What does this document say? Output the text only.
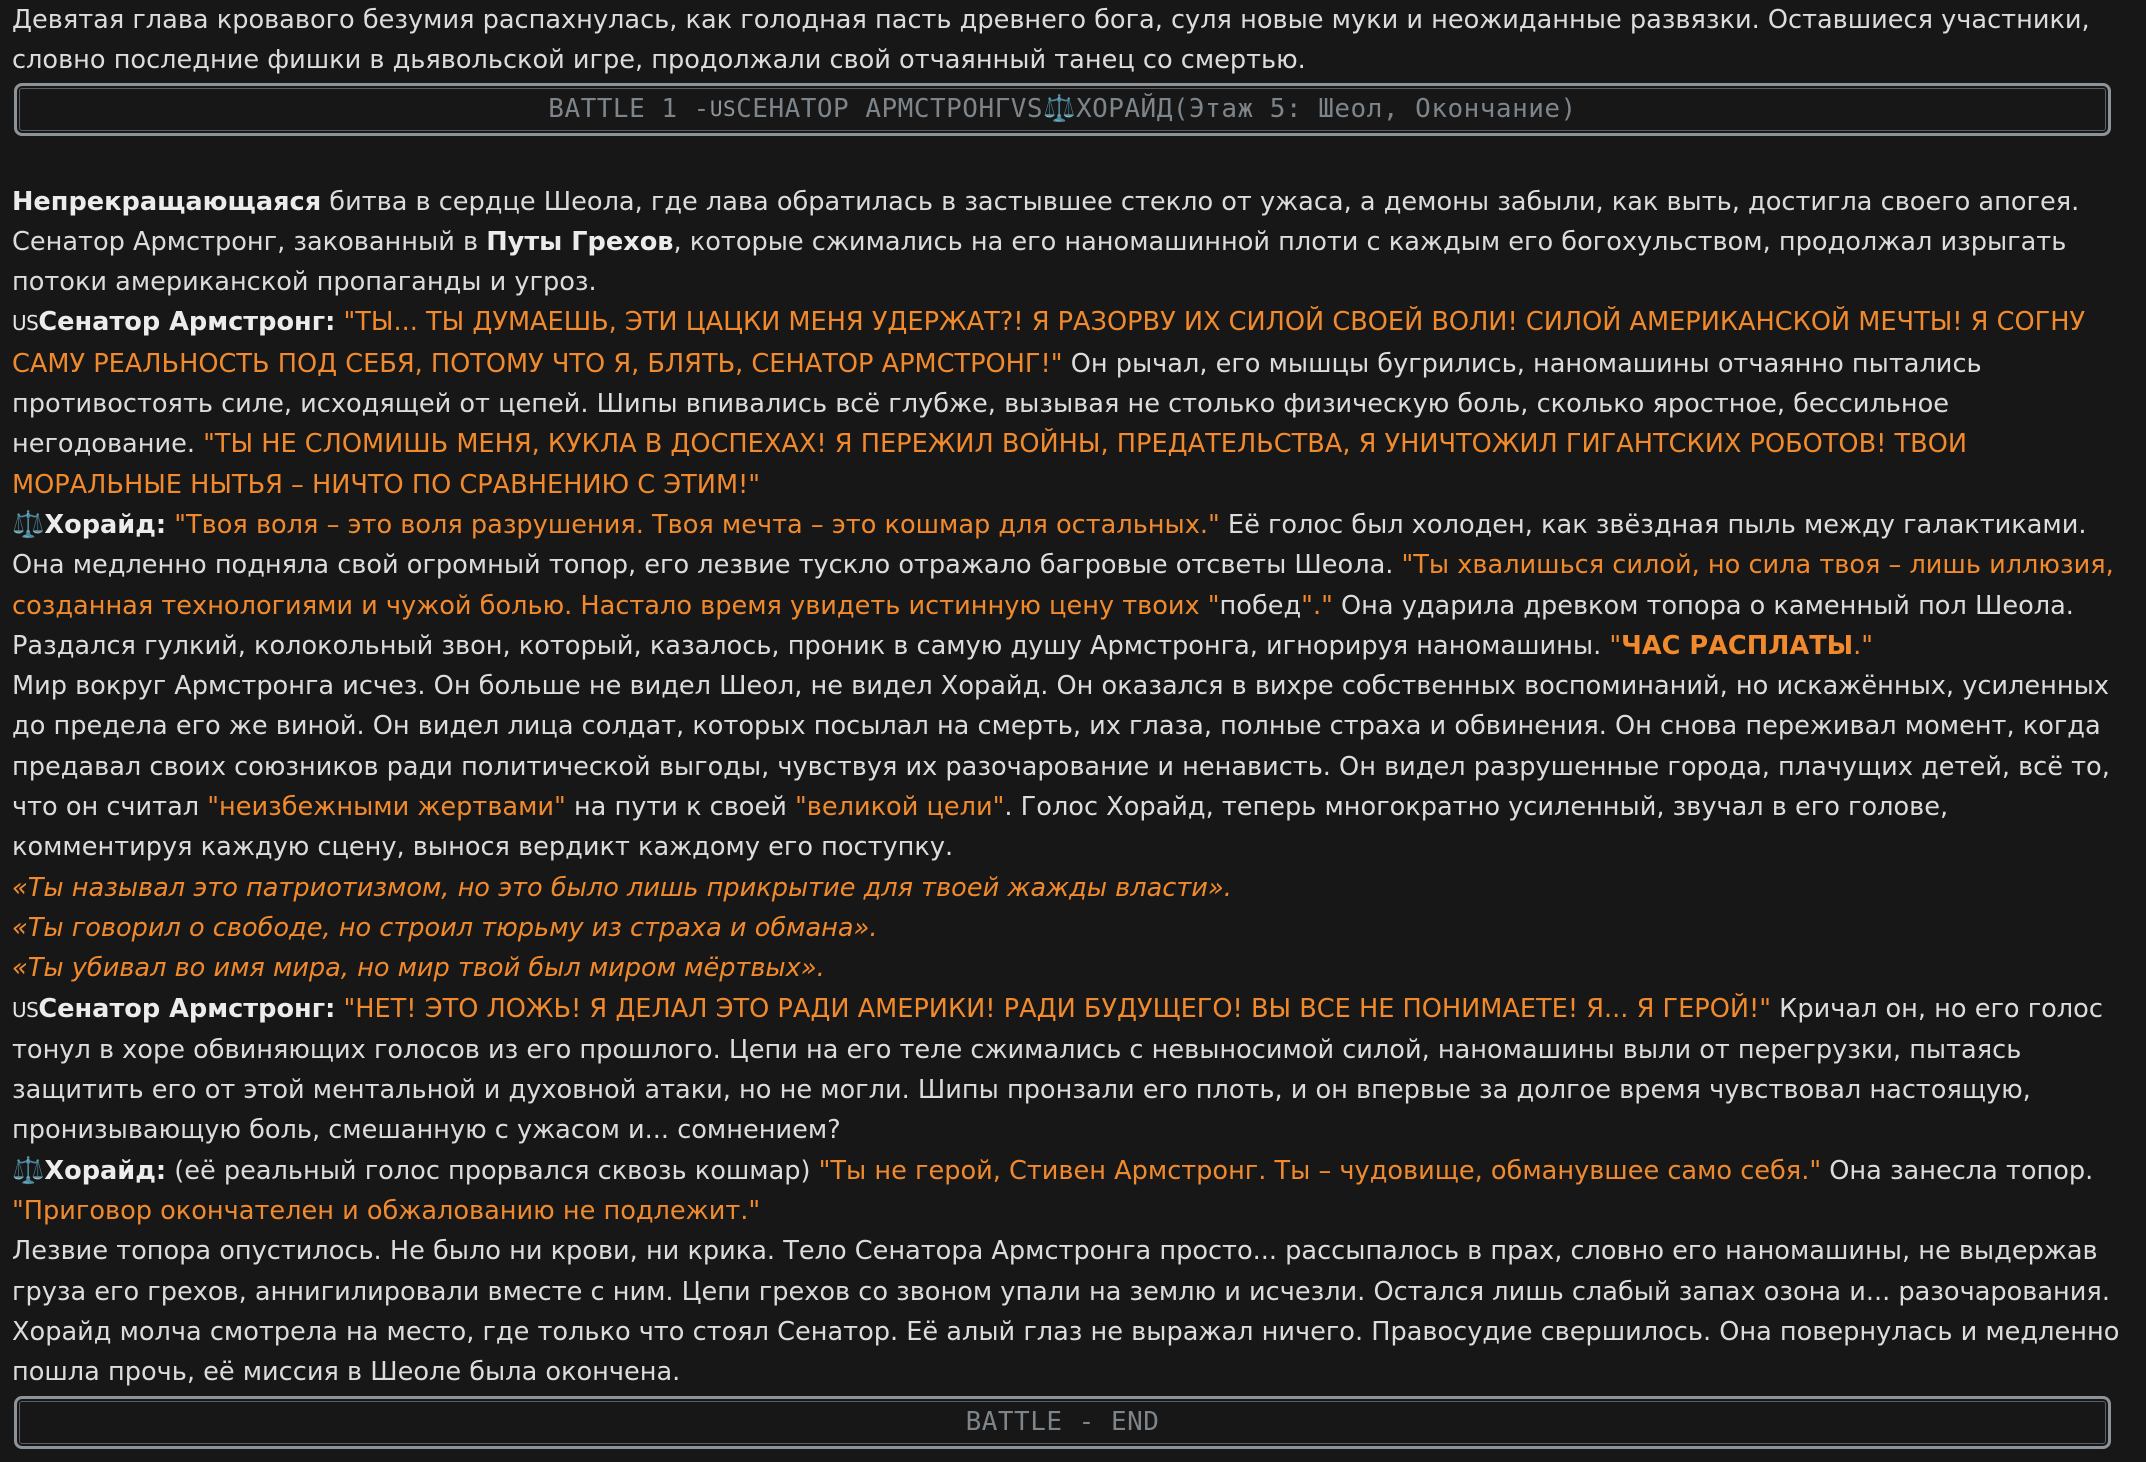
Девятая глава кровавого безумия распахнулась, как голодная пасть древнего бога, суля новые муки и неожиданные развязки. Оставшиеся участники, словно последние фишки в дьявольской игре, продолжали свой отчаянный танец со смертью.

BATTLE 1 - US СЕНАТОР АРМСТРОНГ VS ⚖️ ХОРАЙД (Этаж 5: Шеол, Окончание)

Непрекращающаяся битва в сердце Шеола, где лава обратилась в застывшее стекло от ужаса, а демоны забыли, как выть, достигла своего апогея. Сенатор Армстронг, закованный в Путы Грехов, которые сжимались на его наномашинной плоти с каждым его богохульством, продолжал изрыгать потоки американской пропаганды и угроз.

USСенатор Армстронг: "ТЫ... ТЫ ДУМАЕШЬ, ЭТИ ЦАЦКИ МЕНЯ УДЕРЖАТ?! Я РАЗОРВУ ИХ СИЛОЙ СВОЕЙ ВОЛИ! СИЛОЙ АМЕРИКАНСКОЙ МЕЧТЫ! Я СОГНУ САМУ РЕАЛЬНОСТЬ ПОД СЕБЯ, ПОТОМУ ЧТО Я, БЛЯТЬ, СЕНАТОР АРМСТРОНГ!" Он рычал, его мышцы бугрились, наномашины отчаянно пытались противостоять силе, исходящей от цепей. Шипы впивались всё глубже, вызывая не столько физическую боль, сколько яростное, бессильное негодование. "ТЫ НЕ СЛОМИШЬ МЕНЯ, КУКЛА В ДОСПЕХАХ! Я ПЕРЕЖИЛ ВОЙНЫ, ПРЕДАТЕЛЬСТВА, Я УНИЧТОЖИЛ ГИГАНТСКИХ РОБОТОВ! ТВОИ МОРАЛЬНЫЕ НЫТЬЯ – НИЧТО ПО СРАВНЕНИЮ С ЭТИМ!"

⚖️Хорайд: "Твоя воля – это воля разрушения. Твоя мечта – это кошмар для остальных." Её голос был холоден, как звёздная пыль между галактиками. Она медленно подняла свой огромный топор, его лезвие тускло отражало багровые отсветы Шеола. "Ты хвалишься силой, но сила твоя – лишь иллюзия, созданная технологиями и чужой болью. Настало время увидеть истинную цену твоих "побед"." Она ударила древком топора о каменный пол Шеола. Раздался гулкий, колокольный звон, который, казалось, проник в самую душу Армстронга, игнорируя наномашины. "ЧАС РАСПЛАТЫ."

Мир вокруг Армстронга исчез. Он больше не видел Шеол, не видел Хорайд. Он оказался в вихре собственных воспоминаний, но искажённых, усиленных до предела его же виной. Он видел лица солдат, которых посылал на смерть, их глаза, полные страха и обвинения. Он снова переживал момент, когда предавал своих союзников ради политической выгоды, чувствуя их разочарование и ненависть. Он видел разрушенные города, плачущих детей, всё то, что он считал "неизбежными жертвами" на пути к своей "великой цели". Голос Хорайд, теперь многократно усиленный, звучал в его голове, комментируя каждую сцену, вынося вердикт каждому его поступку.

«Ты называл это патриотизмом, но это было лишь прикрытие для твоей жажды власти».

«Ты говорил о свободе, но строил тюрьму из страха и обмана».

«Ты убивал во имя мира, но мир твой был миром мёртвых».

USСенатор Армстронг: "НЕТ! ЭТО ЛОЖЬ! Я ДЕЛАЛ ЭТО РАДИ АМЕРИКИ! РАДИ БУДУЩЕГО! ВЫ ВСЕ НЕ ПОНИМАЕТЕ! Я... Я ГЕРОЙ!" Кричал он, но его голос тонул в хоре обвиняющих голосов из его прошлого. Цепи на его теле сжимались с невыносимой силой, наномашины выли от перегрузки, пытаясь защитить его от этой ментальной и духовной атаки, но не могли. Шипы пронзали его плоть, и он впервые за долгое время чувствовал настоящую, пронизывающую боль, смешанную с ужасом и... сомнением?

⚖️Хорайд: (её реальный голос прорвался сквозь кошмар) "Ты не герой, Стивен Армстронг. Ты – чудовище, обманувшее само себя." Она занесла топор.

"Приговор окончателен и обжалованию не подлежит."

Лезвие топора опустилось. Не было ни крови, ни крика. Тело Сенатора Армстронга просто... рассыпалось в прах, словно его наномашины, не выдержав груза его грехов, аннигилировали вместе с ним. Цепи грехов со звоном упали на землю и исчезли. Остался лишь слабый запах озона и... разочарования. Хорайд молча смотрела на место, где только что стоял Сенатор. Её алый глаз не выражал ничего. Правосудие свершилось. Она повернулась и медленно пошла прочь, её миссия в Шеоле была окончена.

BATTLE - END
